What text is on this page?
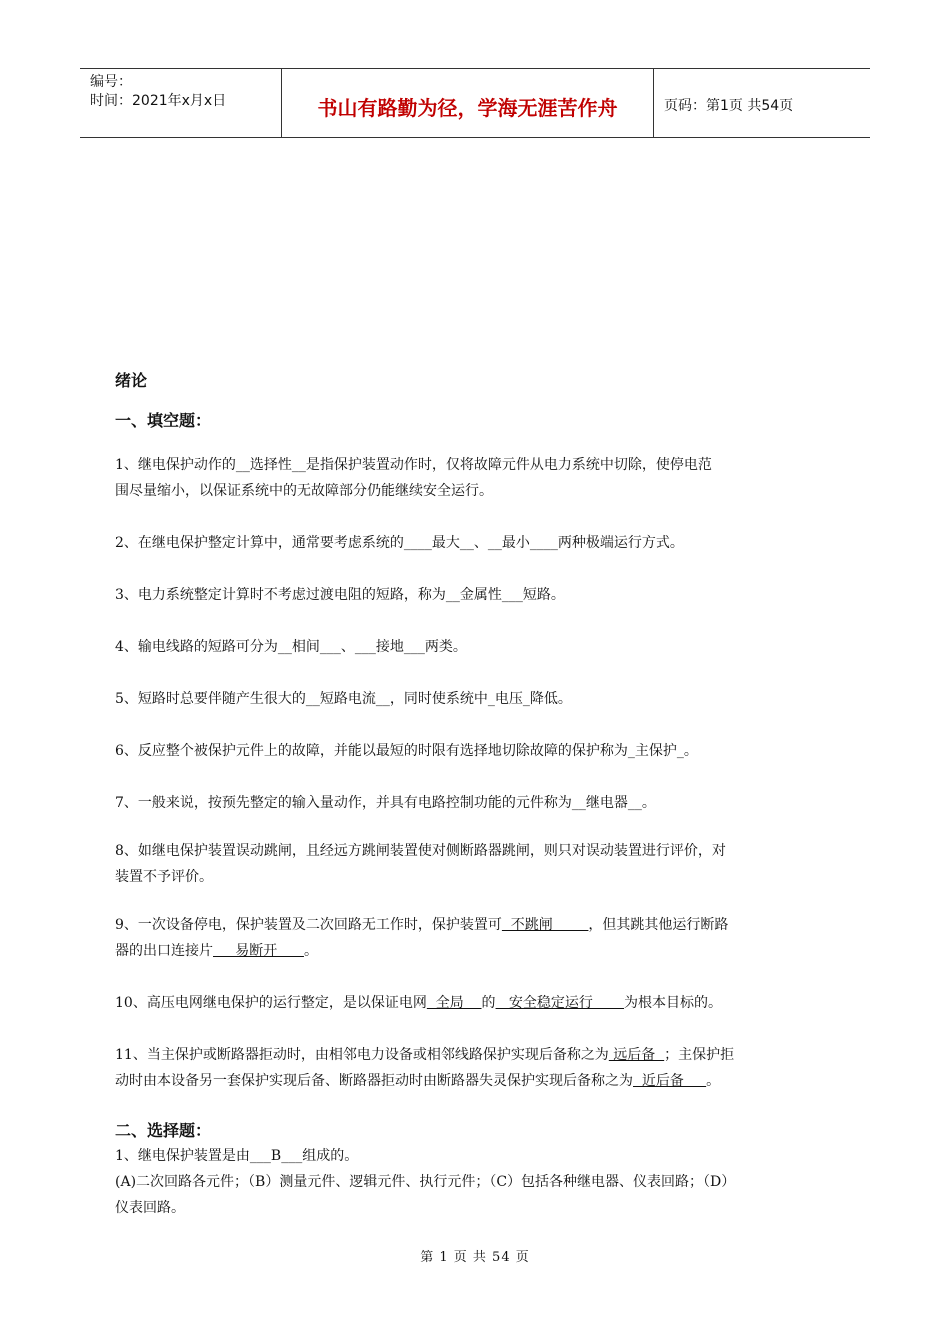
编号：
时间：2021年x月x日	书山有路勤为径，学海无涯苦作舟	页码：第1页 共54页

绪论

一、填空题：

1、继电保护动作的__选择性__是指保护装置动作时，仅将故障元件从电力系统中切除，使停电范

围尽量缩小，以保证系统中的无故障部分仍能继续安全运行。

2、在继电保护整定计算中，通常要考虑系统的____最大__、__最小____两种极端运行方式。

3、电力系统整定计算时不考虑过渡电阻的短路，称为__金属性___短路。

4、输电线路的短路可分为__相间___、___接地___两类。

5、短路时总要伴随产生很大的__短路电流__，同时使系统中_电压_降低。

6、反应整个被保护元件上的故障，并能以最短的时限有选择地切除故障的保护称为_主保护_。

7、一般来说，按预先整定的输入量动作，并具有电路控制功能的元件称为__继电器__。

8、如继电保护装置误动跳闸，且经远方跳闸装置使对侧断路器跳闸，则只对误动装置进行评价，对

装置不予评价。

9、一次设备停电，保护装置及二次回路无工作时，保护装置可  不跳闸        ，但其跳其他运行断路

器的出口连接片     易断开      。

10、高压电网继电保护的运行整定，是以保证电网  全局    的   安全稳定运行       为根本目标的。

11、当主保护或断路器拒动时，由相邻电力设备或相邻线路保护实现后备称之为 远后备  ；主保护拒

动时由本设备另一套保护实现后备、断路器拒动时由断路器失灵保护实现后备称之为  近后备     。

二、选择题：

1、继电保护装置是由___B___组成的。

(A)二次回路各元件；（B）测量元件、逻辑元件、执行元件；（C）包括各种继电器、仪表回路；（D）

仪表回路。

第 1 页 共 54 页
